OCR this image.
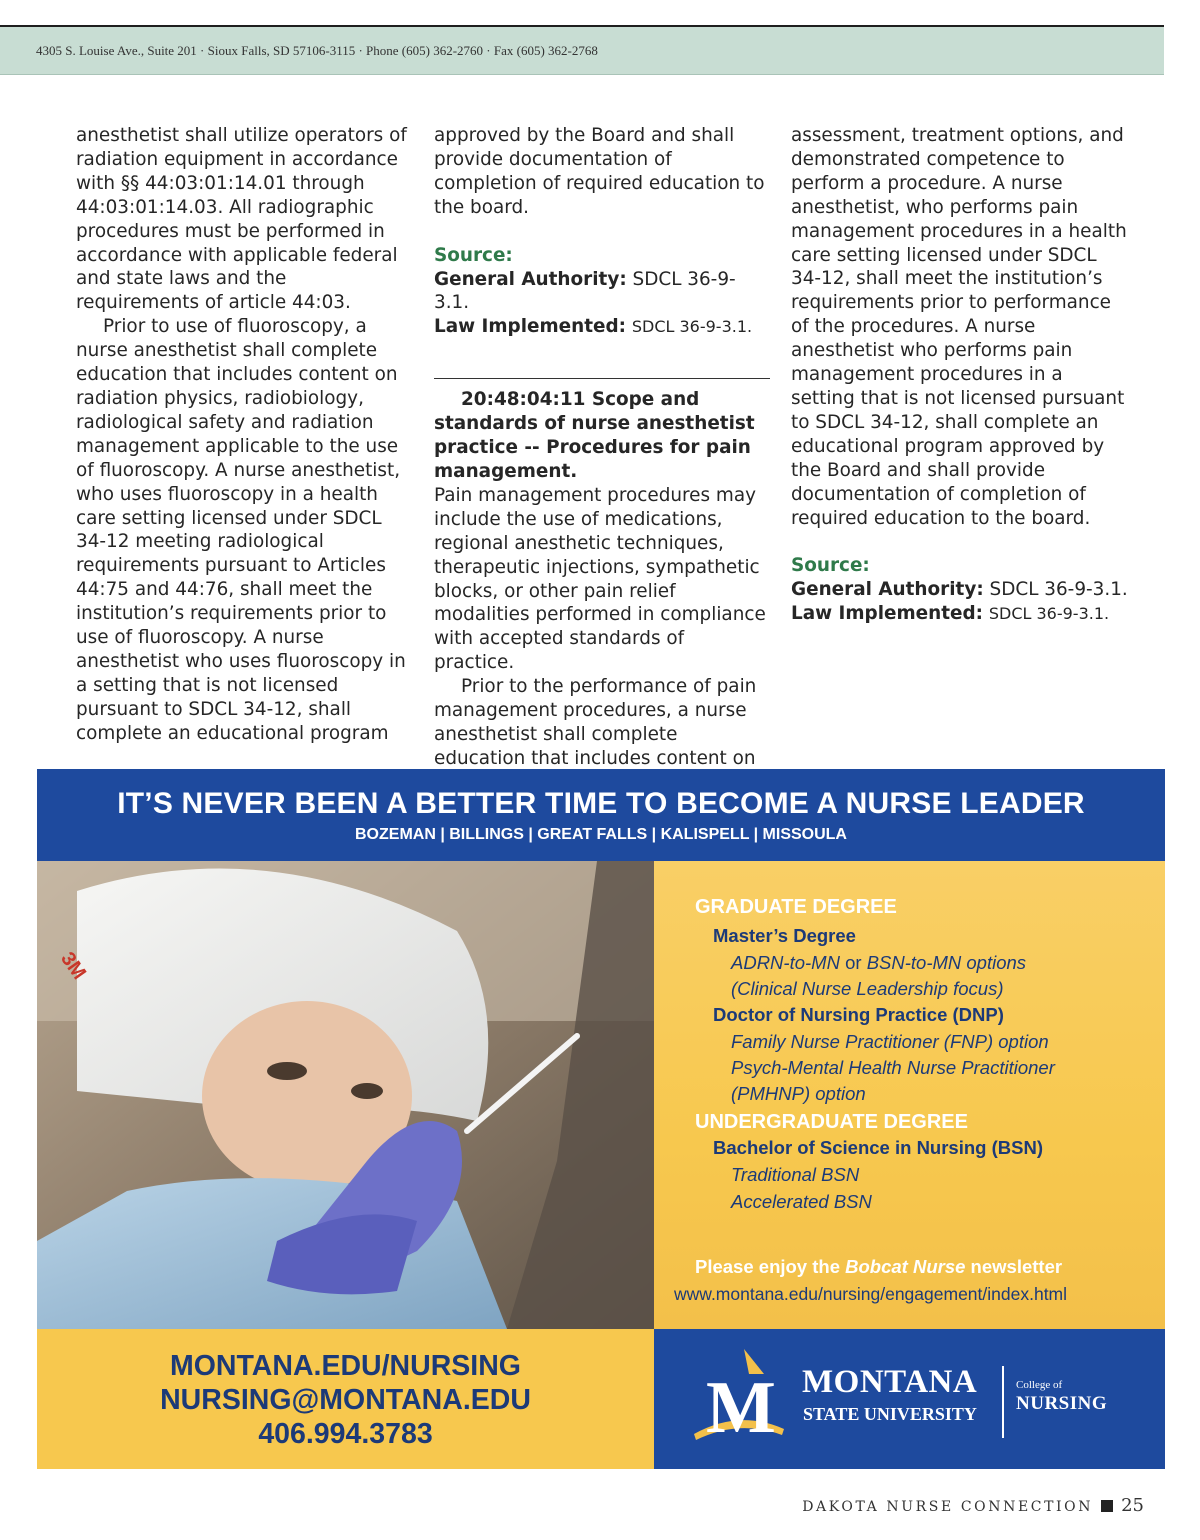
4305 S. Louise Ave., Suite 201 · Sioux Falls, SD 57106-3115 · Phone (605) 362-2760 · Fax (605) 362-2768

anesthetist shall utilize operators of radiation equipment in accordance with §§ 44:03:01:14.01 through 44:03:01:14.03. All radiographic procedures must be performed in accordance with applicable federal and state laws and the requirements of article 44:03.

Prior to use of fluoroscopy, a nurse anesthetist shall complete education that includes content on radiation physics, radiobiology, radiological safety and radiation management applicable to the use of fluoroscopy. A nurse anesthetist, who uses fluoroscopy in a health care setting licensed under SDCL 34-12 meeting radiological requirements pursuant to Articles 44:75 and 44:76, shall meet the institution’s requirements prior to use of fluoroscopy. A nurse anesthetist who uses fluoroscopy in a setting that is not licensed pursuant to SDCL 34-12, shall complete an educational program

approved by the Board and shall provide documentation of completion of required education to the board.

Source:

General Authority: SDCL 36-9-3.1.

Law Implemented: SDCL 36-9-3.1.

20:48:04:11 Scope and standards of nurse anesthetist practice -- Procedures for pain management.

Pain management procedures may include the use of medications, regional anesthetic techniques, therapeutic injections, sympathetic blocks, or other pain relief modalities performed in compliance with accepted standards of practice.

Prior to the performance of pain management procedures, a nurse anesthetist shall complete education that includes content on

assessment, treatment options, and demonstrated competence to perform a procedure. A nurse anesthetist, who performs pain management procedures in a health care setting licensed under SDCL 34-12, shall meet the institution’s requirements prior to performance of the procedures. A nurse anesthetist who performs pain management procedures in a setting that is not licensed pursuant to SDCL 34-12, shall complete an educational program approved by the Board and shall provide documentation of completion of required education to the board.

Source:

General Authority: SDCL 36-9-3.1.

Law Implemented: SDCL 36-9-3.1.

IT’S NEVER BEEN A BETTER TIME TO BECOME A NURSE LEADER
BOZEMAN | BILLINGS | GREAT FALLS | KALISPELL | MISSOULA
3M
GRADUATE DEGREE
Master’s Degree
ADRN-to-MN or BSN-to-MN options
(Clinical Nurse Leadership focus)
Doctor of Nursing Practice (DNP)
Family Nurse Practitioner (FNP) option
Psych-Mental Health Nurse Practitioner
(PMHNP) option
UNDERGRADUATE DEGREE
Bachelor of Science in Nursing (BSN)
Traditional BSN
Accelerated BSN
Please enjoy the Bobcat Nurse newsletter
www.montana.edu/nursing/engagement/index.html
MONTANA.EDU/NURSING
NURSING@MONTANA.EDU
406.994.3783	M MONTANA
STATE UNIVERSITY
College of
NURSING
DAKOTA NURSE CONNECTION 25
